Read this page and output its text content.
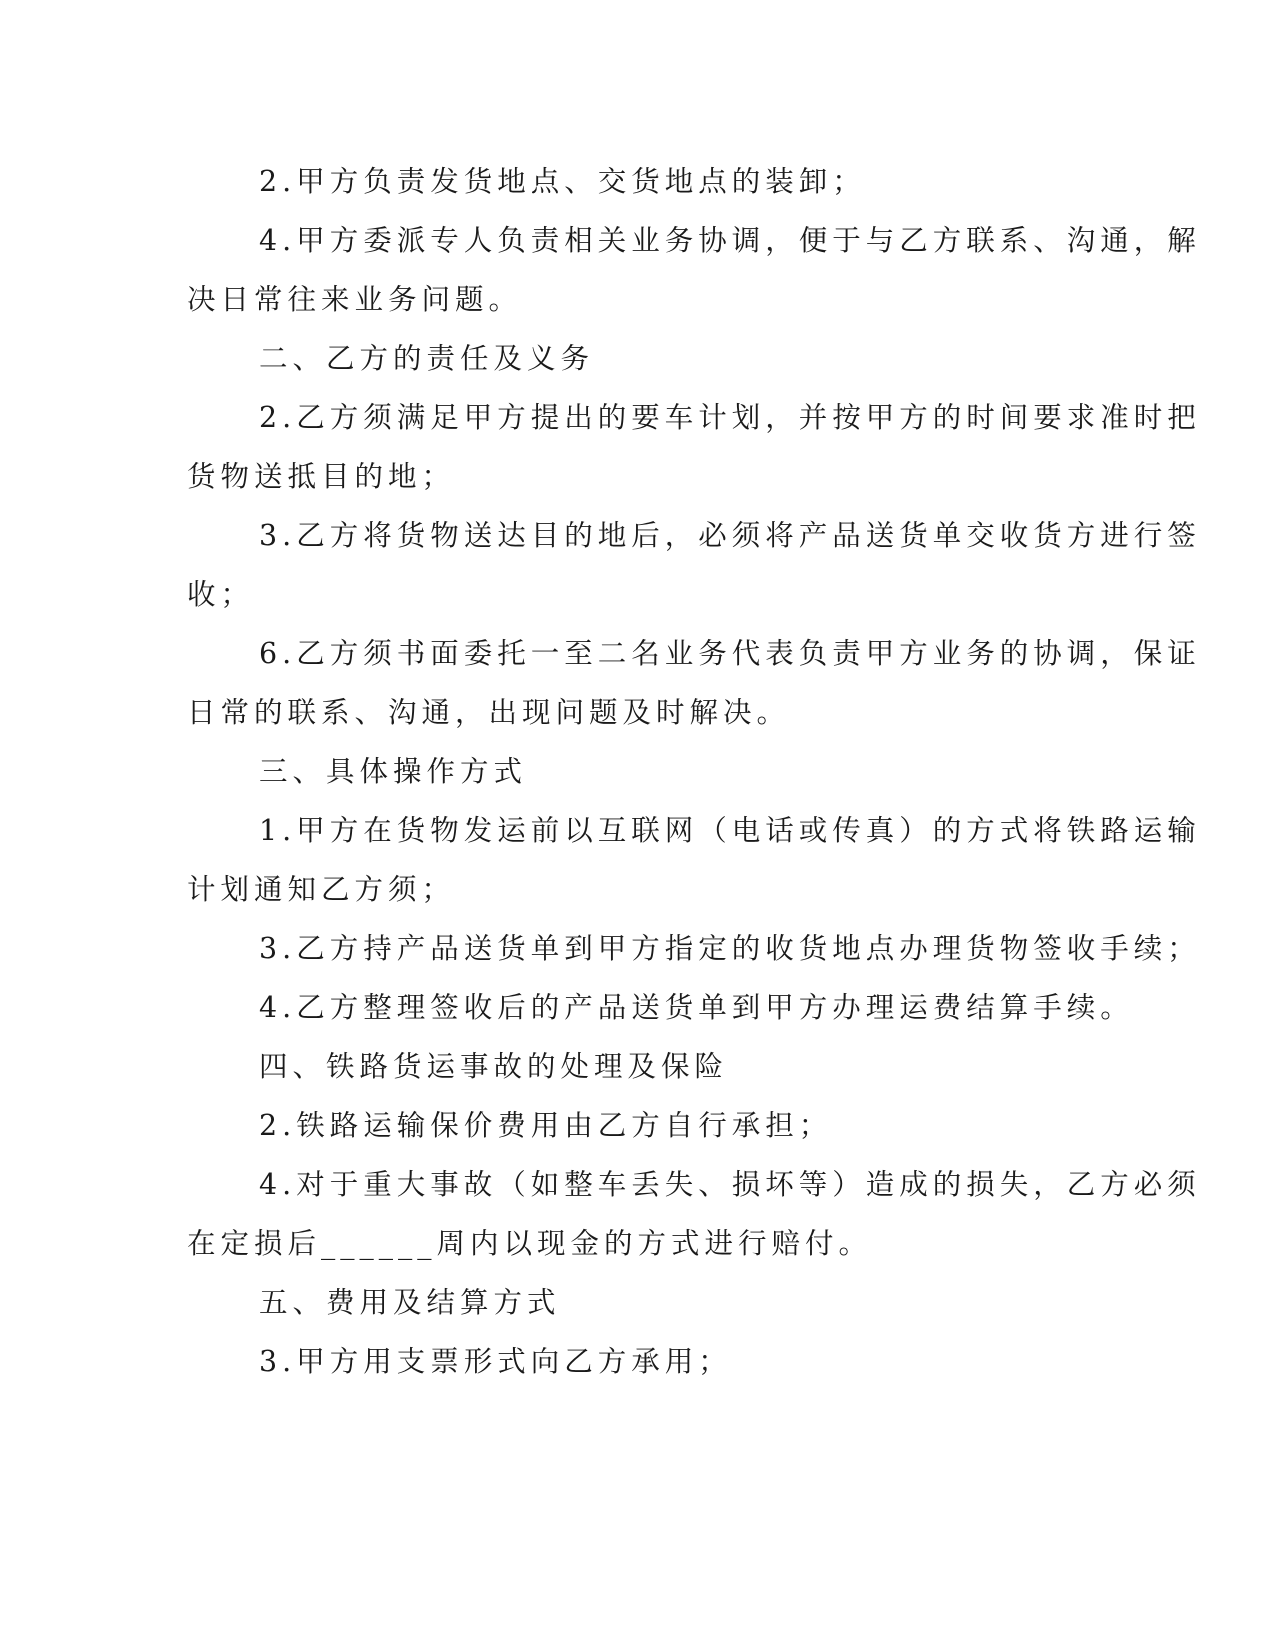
2.甲方负责发货地点、交货地点的装卸；
4.甲方委派专人负责相关业务协调，便于与乙方联系、沟通，解
决日常往来业务问题。
二、乙方的责任及义务
2.乙方须满足甲方提出的要车计划，并按甲方的时间要求准时把
货物送抵目的地；
3.乙方将货物送达目的地后，必须将产品送货单交收货方进行签
收；
6.乙方须书面委托一至二名业务代表负责甲方业务的协调，保证
日常的联系、沟通，出现问题及时解决。
三、具体操作方式
1.甲方在货物发运前以互联网（电话或传真）的方式将铁路运输
计划通知乙方须；
3.乙方持产品送货单到甲方指定的收货地点办理货物签收手续；
4.乙方整理签收后的产品送货单到甲方办理运费结算手续。
四、铁路货运事故的处理及保险
2.铁路运输保价费用由乙方自行承担；
4.对于重大事故（如整车丢失、损坏等）造成的损失，乙方必须
在定损后______周内以现金的方式进行赔付。
五、费用及结算方式
3.甲方用支票形式向乙方承用；
